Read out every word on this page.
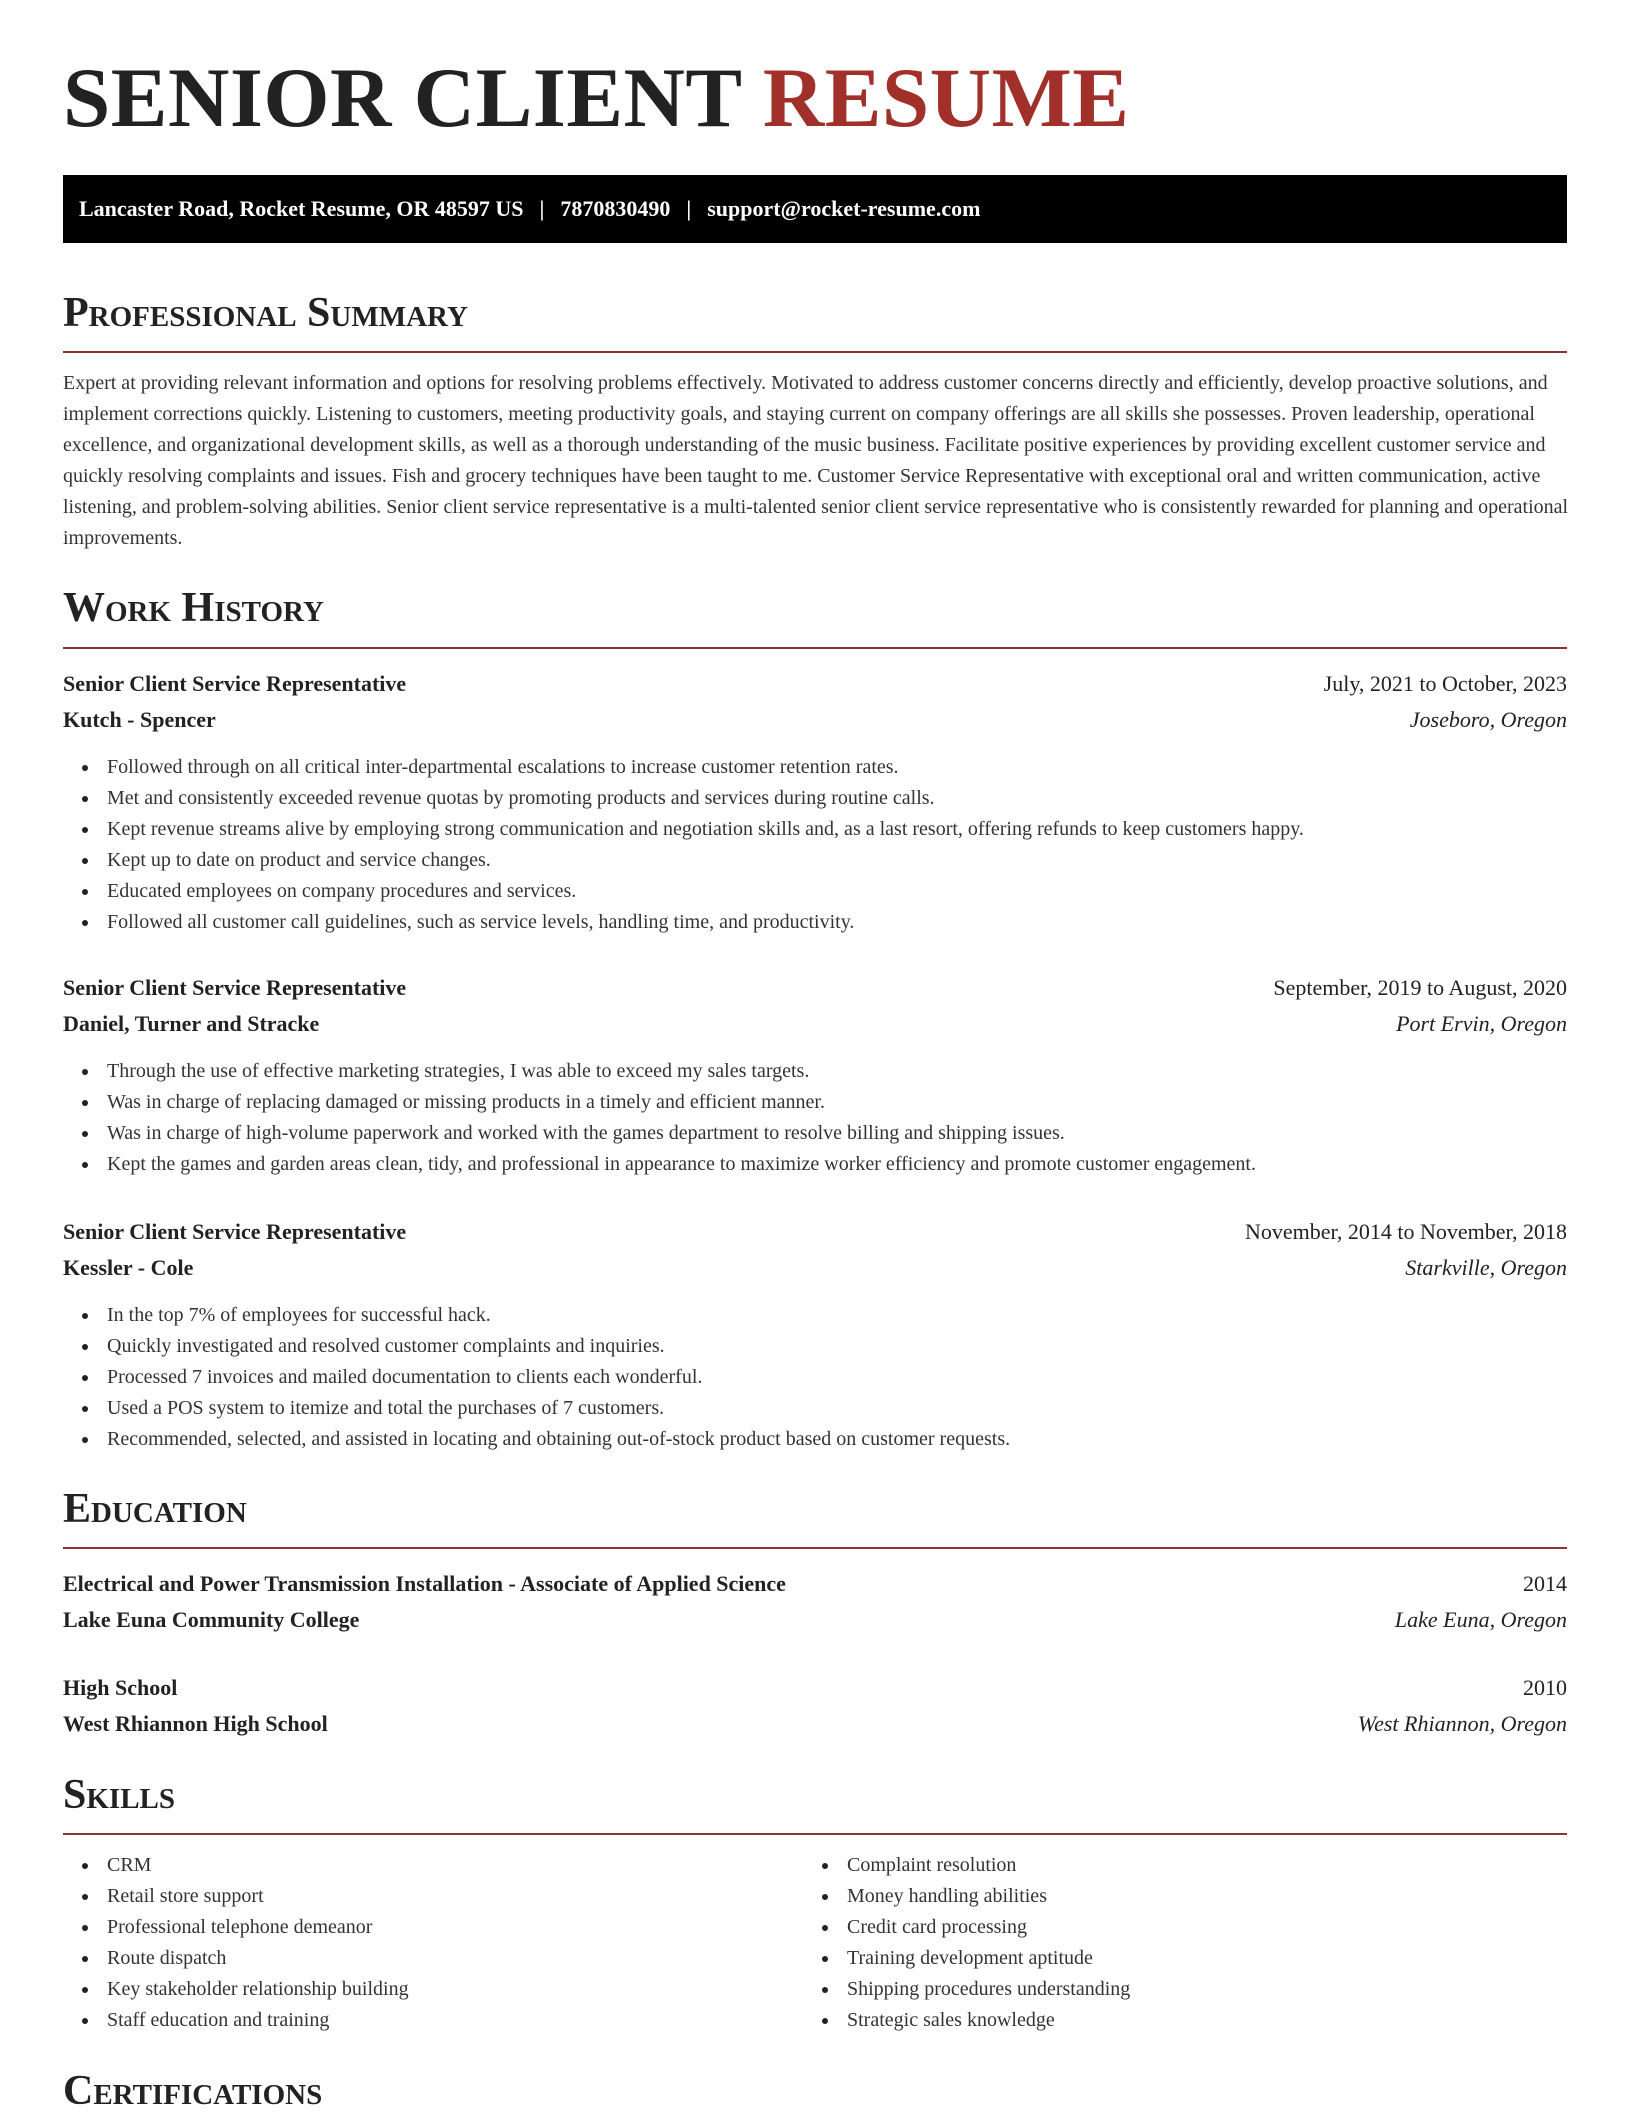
SENIOR CLIENT RESUME
Lancaster Road, Rocket Resume, OR 48597 US | 7870830490 | support@rocket-resume.com
Professional Summary

Expert at providing relevant information and options for resolving problems effectively. Motivated to address customer concerns directly and efficiently, develop proactive solutions, and implement corrections quickly. Listening to customers, meeting productivity goals, and staying current on company offerings are all skills she possesses. Proven leadership, operational excellence, and organizational development skills, as well as a thorough understanding of the music business. Facilitate positive experiences by providing excellent customer service and quickly resolving complaints and issues. Fish and grocery techniques have been taught to me. Customer Service Representative with exceptional oral and written communication, active listening, and problem-solving abilities. Senior client service representative is a multi-talented senior client service representative who is consistently rewarded for planning and operational improvements.

Work History
Senior Client Service Representative	July, 2021 to October, 2023
Kutch - Spencer	Joseboro, Oregon
Followed through on all critical inter-departmental escalations to increase customer retention rates.
Met and consistently exceeded revenue quotas by promoting products and services during routine calls.
Kept revenue streams alive by employing strong communication and negotiation skills and, as a last resort, offering refunds to keep customers happy.
Kept up to date on product and service changes.
Educated employees on company procedures and services.
Followed all customer call guidelines, such as service levels, handling time, and productivity.
Senior Client Service Representative	September, 2019 to August, 2020
Daniel, Turner and Stracke	Port Ervin, Oregon
Through the use of effective marketing strategies, I was able to exceed my sales targets.
Was in charge of replacing damaged or missing products in a timely and efficient manner.
Was in charge of high-volume paperwork and worked with the games department to resolve billing and shipping issues.
Kept the games and garden areas clean, tidy, and professional in appearance to maximize worker efficiency and promote customer engagement.
Senior Client Service Representative	November, 2014 to November, 2018
Kessler - Cole	Starkville, Oregon
In the top 7% of employees for successful hack.
Quickly investigated and resolved customer complaints and inquiries.
Processed 7 invoices and mailed documentation to clients each wonderful.
Used a POS system to itemize and total the purchases of 7 customers.
Recommended, selected, and assisted in locating and obtaining out-of-stock product based on customer requests.
Education
Electrical and Power Transmission Installation - Associate of Applied Science	2014
Lake Euna Community College	Lake Euna, Oregon
High School	2010
West Rhiannon High School	West Rhiannon, Oregon
Skills
CRM
Retail store support
Professional telephone demeanor
Route dispatch
Key stakeholder relationship building
Staff education and training
Complaint resolution
Money handling abilities
Credit card processing
Training development aptitude
Shipping procedures understanding
Strategic sales knowledge
Certifications
